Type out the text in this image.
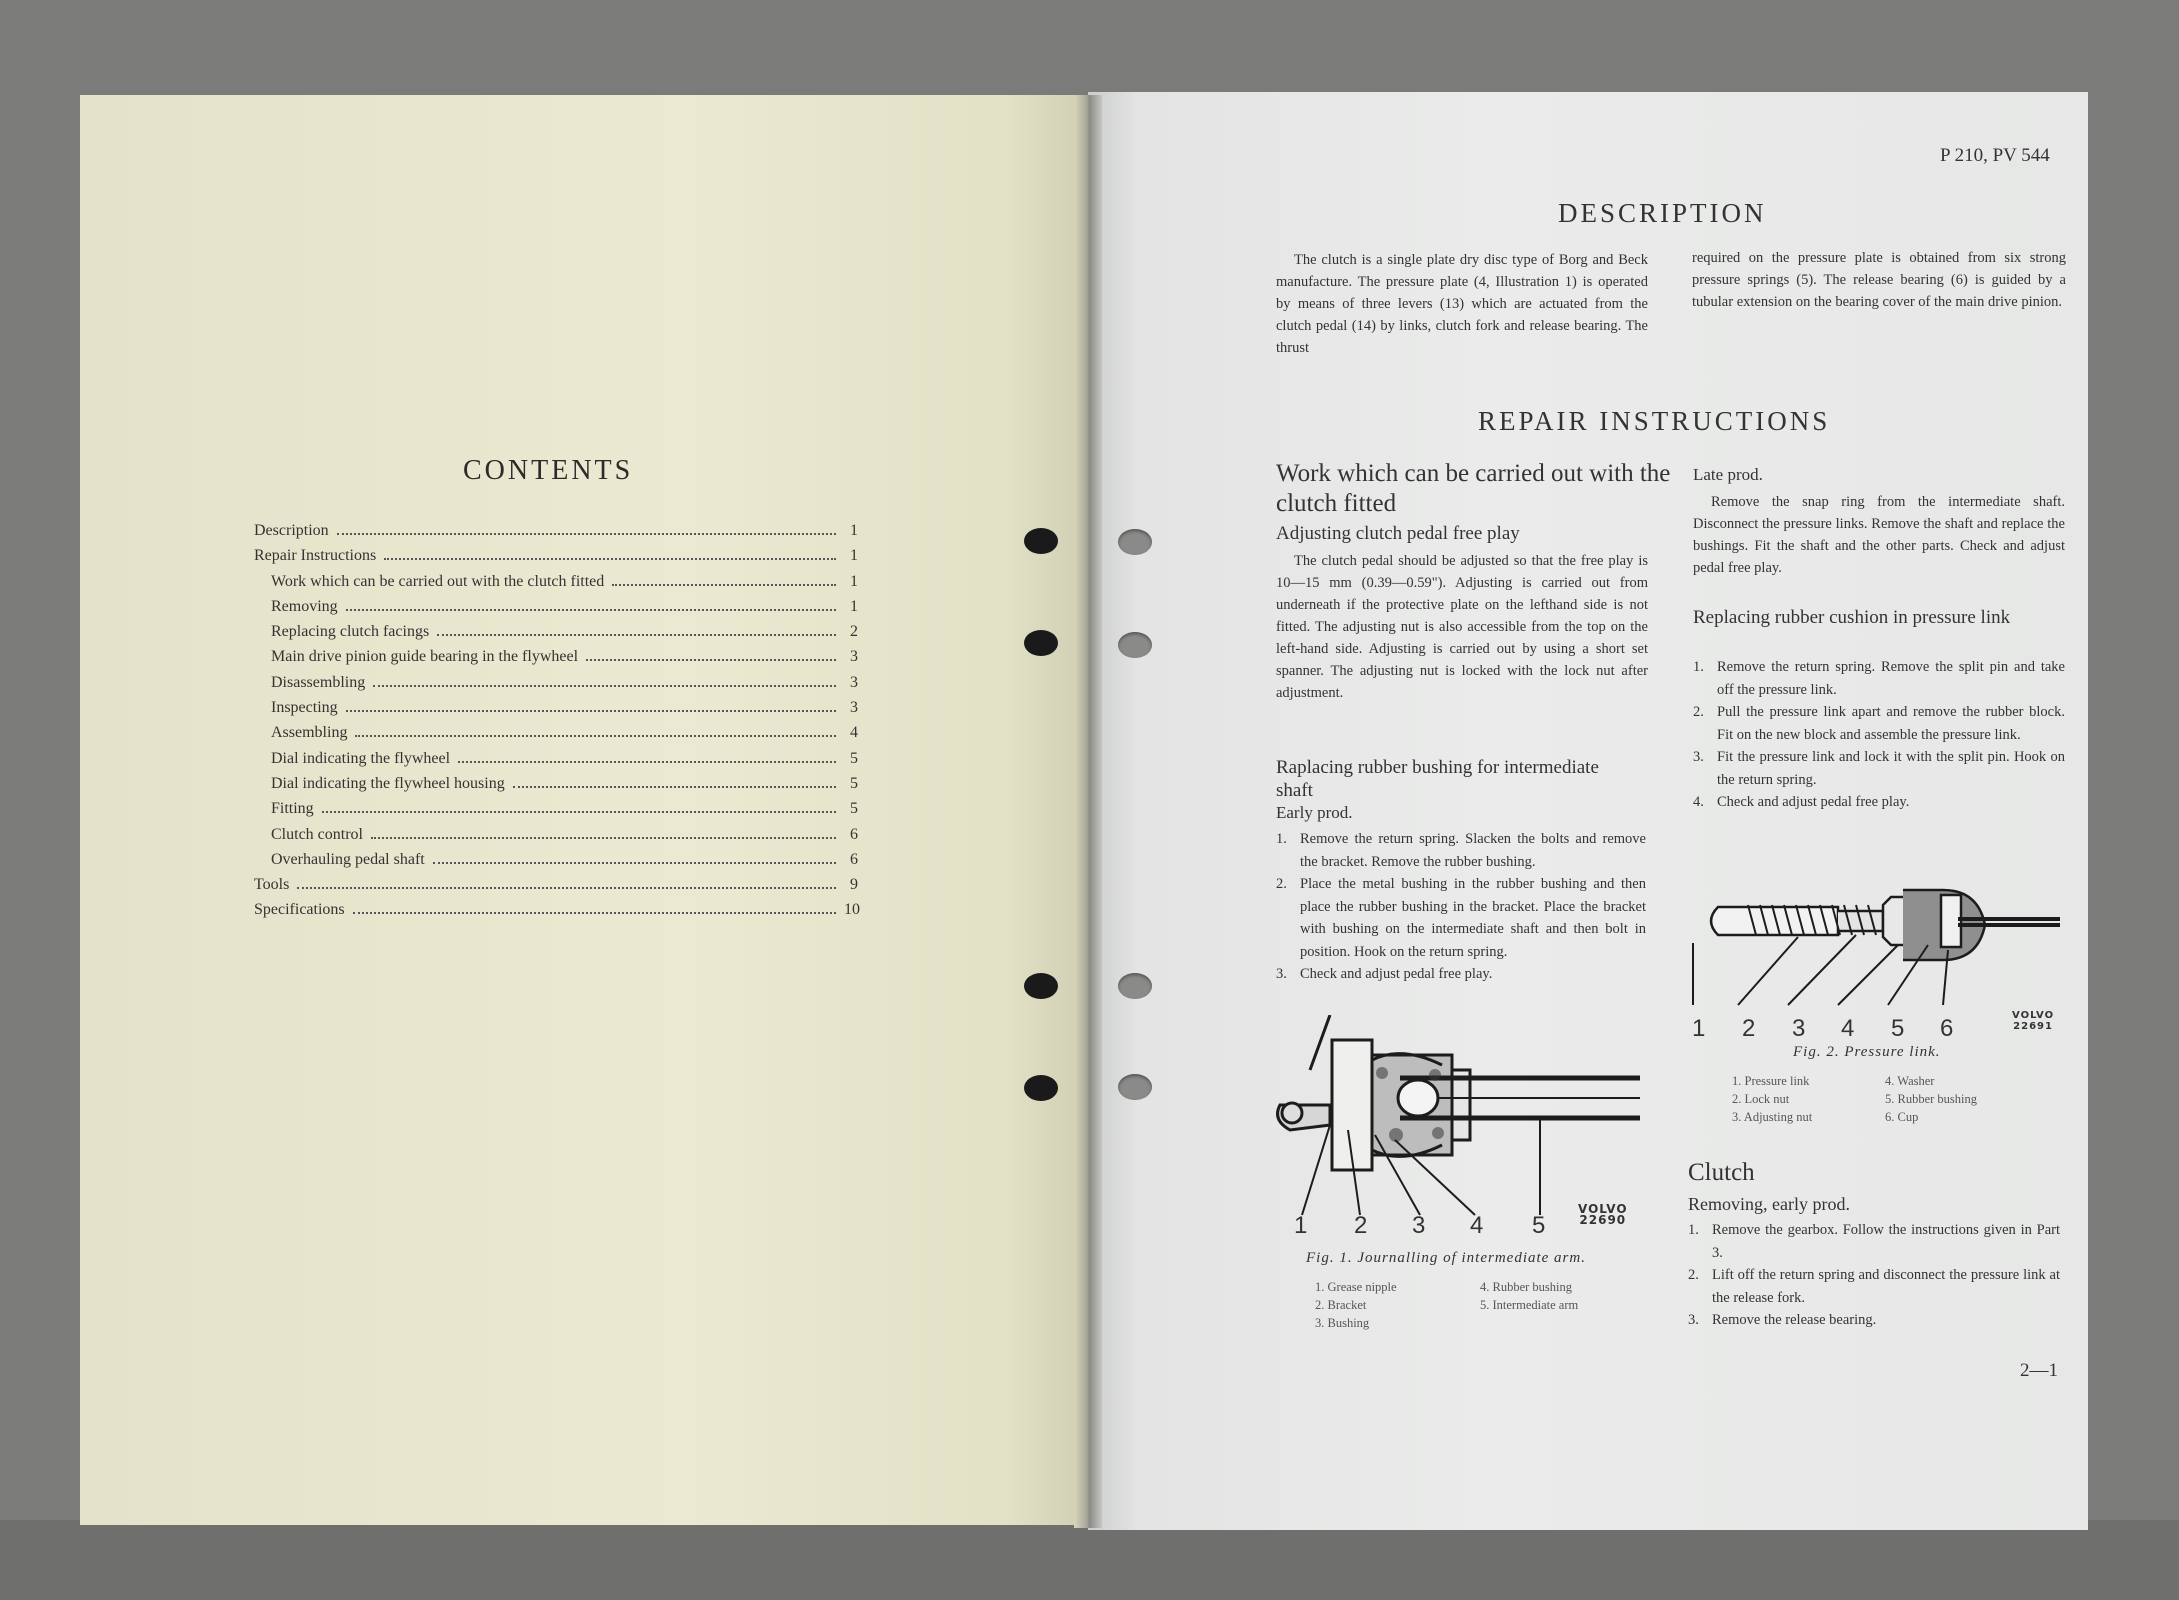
CONTENTS
Description	1
Repair Instructions	1
Work which can be carried out with the clutch fitted	1
Removing	1
Replacing clutch facings	2
Main drive pinion guide bearing in the flywheel	3
Disassembling	3
Inspecting	3
Assembling	4
Dial indicating the flywheel	5
Dial indicating the flywheel housing	5
Fitting	5
Clutch control	6
Overhauling pedal shaft	6
Tools	9
Specifications	10
P 210, PV 544
DESCRIPTION
The clutch is a single plate dry disc type of Borg and Beck manufacture. The pressure plate (4, Illustration 1) is operated by means of three levers (13) which are actuated from the clutch pedal (14) by links, clutch fork and release bearing. The thrust
required on the pressure plate is obtained from six strong pressure springs (5). The release bearing (6) is guided by a tubular extension on the bearing cover of the main drive pinion.
REPAIR INSTRUCTIONS
Work which can be carried out with the clutch fitted
Adjusting clutch pedal free play
The clutch pedal should be adjusted so that the free play is 10—15 mm (0.39—0.59"). Adjusting is carried out from underneath if the protective plate on the lefthand side is not fitted. The adjusting nut is also accessible from the top on the left-hand side. Adjusting is carried out by using a short set spanner. The adjusting nut is locked with the lock nut after adjustment.
Raplacing rubber bushing for intermediate shaft
Early prod.
1. Remove the return spring. Slacken the bolts and remove the bracket. Remove the rubber bushing.
2. Place the metal bushing in the rubber bushing and then place the rubber bushing in the bracket. Place the bracket with bushing on the intermediate shaft and then bolt in position. Hook on the return spring.
3. Check and adjust pedal free play.
1 2 3 4 5
VOLVO
22690
Fig. 1. Journalling of intermediate arm.
1. Grease nipple
2. Bracket
3. Bushing
4. Rubber bushing
5. Intermediate arm
Late prod.
Remove the snap ring from the intermediate shaft. Disconnect the pressure links. Remove the shaft and replace the bushings. Fit the shaft and the other parts. Check and adjust pedal free play.
Replacing rubber cushion in pressure link
1. Remove the return spring. Remove the split pin and take off the pressure link.
2. Pull the pressure link apart and remove the rubber block. Fit on the new block and assemble the pressure link.
3. Fit the pressure link and lock it with the split pin. Hook on the return spring.
4. Check and adjust pedal free play.
1 2 3 4 5 6	VOLVO
22691
Fig. 2. Pressure link.
1. Pressure link
2. Lock nut
3. Adjusting nut
4. Washer
5. Rubber bushing
6. Cup
Clutch
Removing, early prod.
1. Remove the gearbox. Follow the instructions given in Part 3.
2. Lift off the return spring and disconnect the pressure link at the release fork.
3. Remove the release bearing.
2—1
